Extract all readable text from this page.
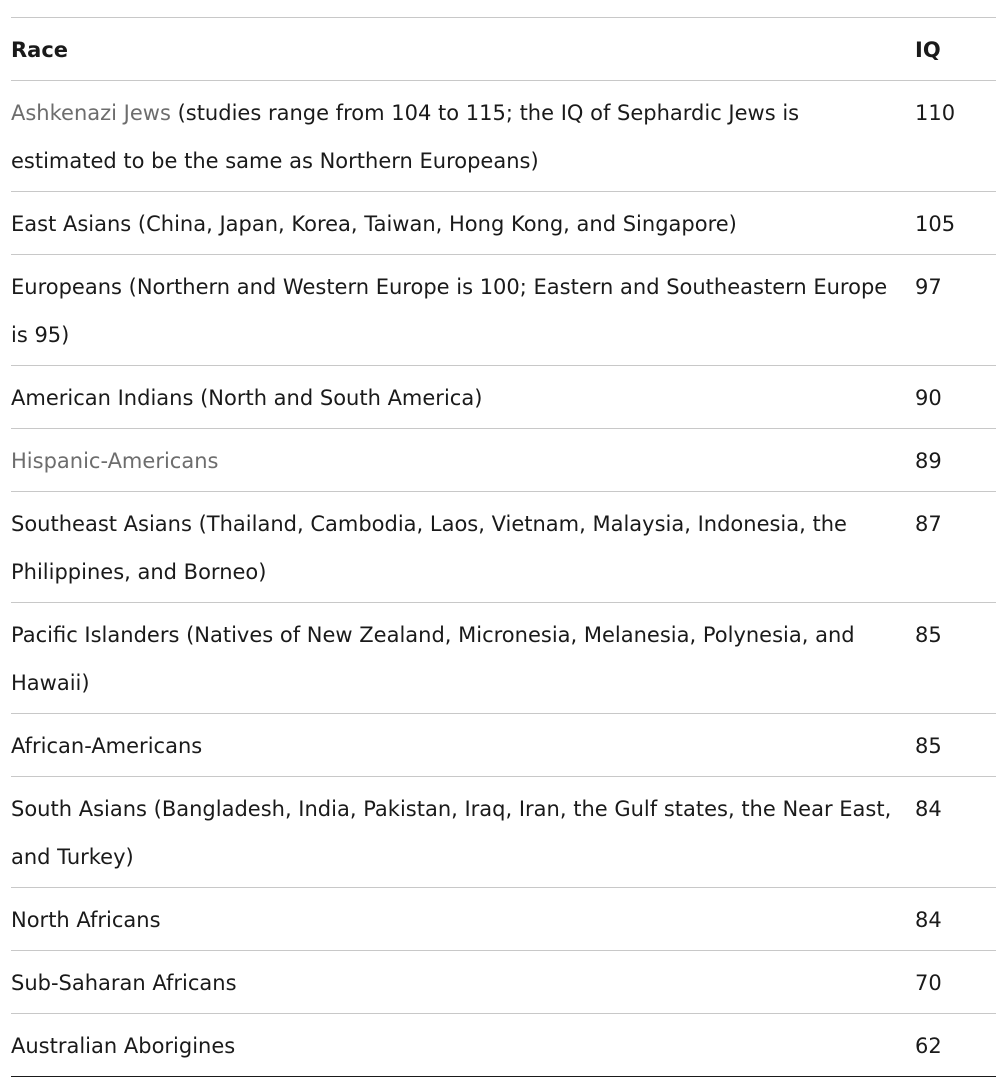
Race	IQ
Ashkenazi Jews (studies range from 104 to 115; the IQ of Sephardic Jews is estimated to be the same as Northern Europeans)	110
East Asians (China, Japan, Korea, Taiwan, Hong Kong, and Singapore)	105
Europeans (Northern and Western Europe is 100; Eastern and Southeastern Europe is 95)	97
American Indians (North and South America)	90
Hispanic-Americans	89
Southeast Asians (Thailand, Cambodia, Laos, Vietnam, Malaysia, Indonesia, the Philippines, and Borneo)	87
Pacific Islanders (Natives of New Zealand, Micronesia, Melanesia, Polynesia, and Hawaii)	85
African-Americans	85
South Asians (Bangladesh, India, Pakistan, Iraq, Iran, the Gulf states, the Near East, and Turkey)	84
North Africans	84
Sub-Saharan Africans	70
Australian Aborigines	62
